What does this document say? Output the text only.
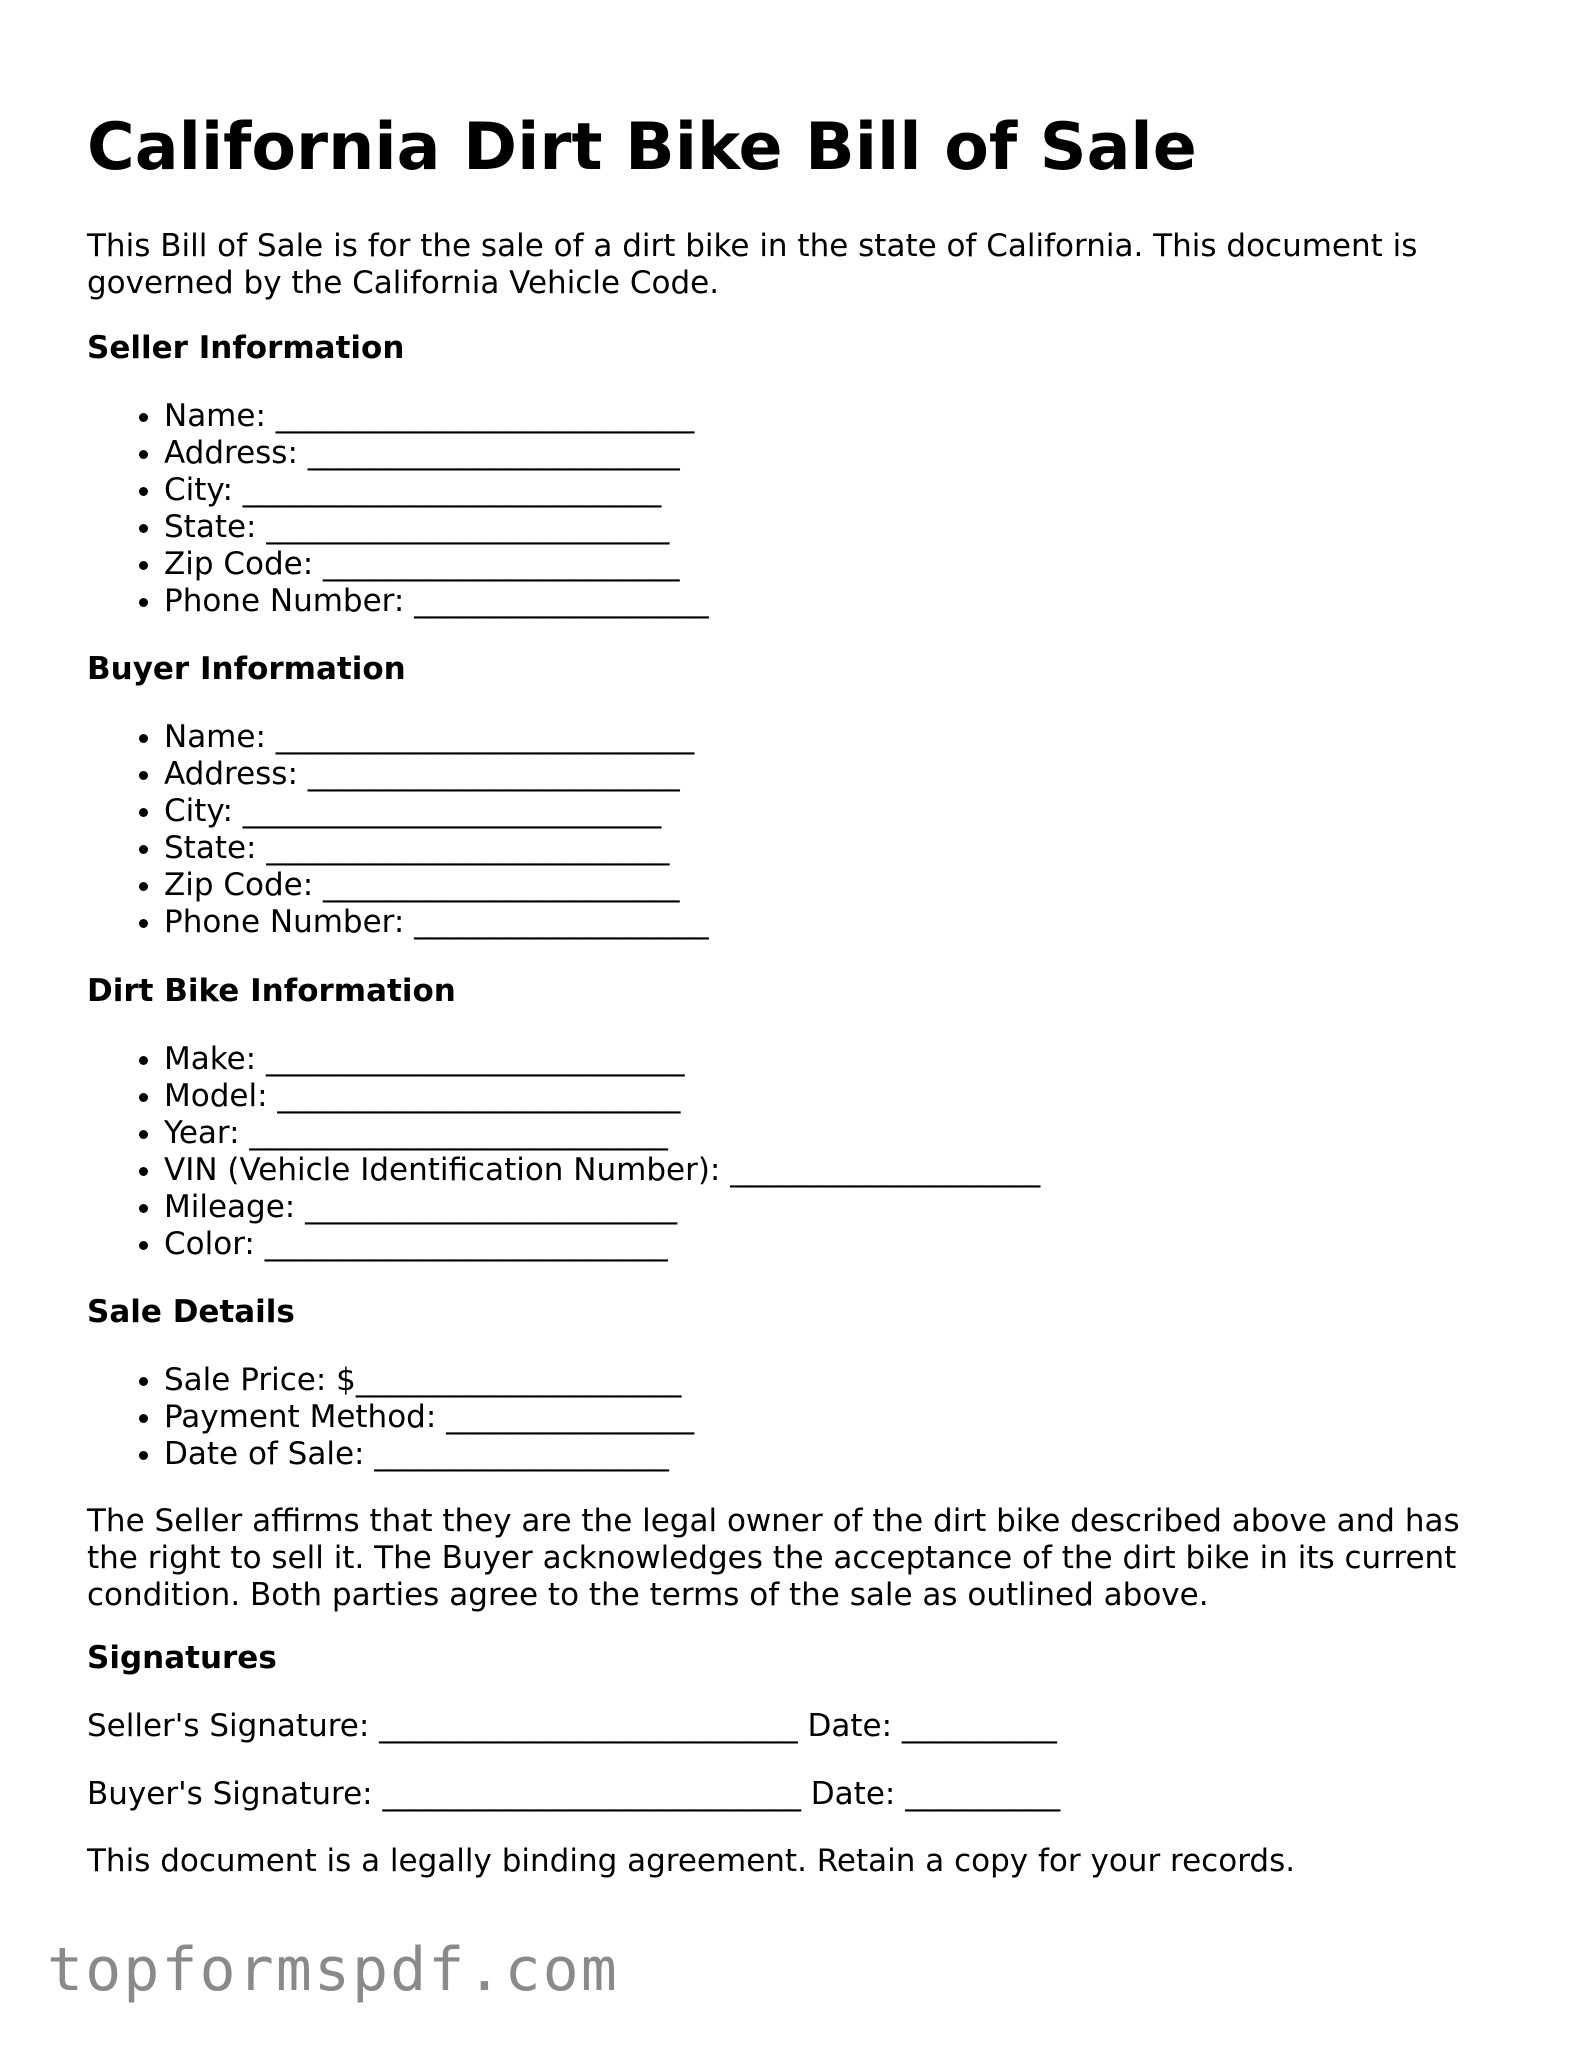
California Dirt Bike Bill of Sale

This Bill of Sale is for the sale of a dirt bike in the state of California. This document is governed by the California Vehicle Code.

Seller Information
• Name: ___________________________
• Address: ________________________
• City: ___________________________
• State: __________________________
• Zip Code: _______________________
• Phone Number: ___________________
Buyer Information
• Name: ___________________________
• Address: ________________________
• City: ___________________________
• State: __________________________
• Zip Code: _______________________
• Phone Number: ___________________
Dirt Bike Information
• Make: ___________________________
• Model: __________________________
• Year: ___________________________
• VIN (Vehicle Identification Number): ____________________
• Mileage: ________________________
• Color: __________________________
Sale Details
• Sale Price: $_____________________
• Payment Method: ________________
• Date of Sale: ___________________

The Seller affirms that they are the legal owner of the dirt bike described above and has the right to sell it. The Buyer acknowledges the acceptance of the dirt bike in its current condition. Both parties agree to the terms of the sale as outlined above.

Signatures

Seller's Signature: ___________________________ Date: __________

Buyer's Signature: ___________________________ Date: __________

This document is a legally binding agreement. Retain a copy for your records.

topformspdf.com
